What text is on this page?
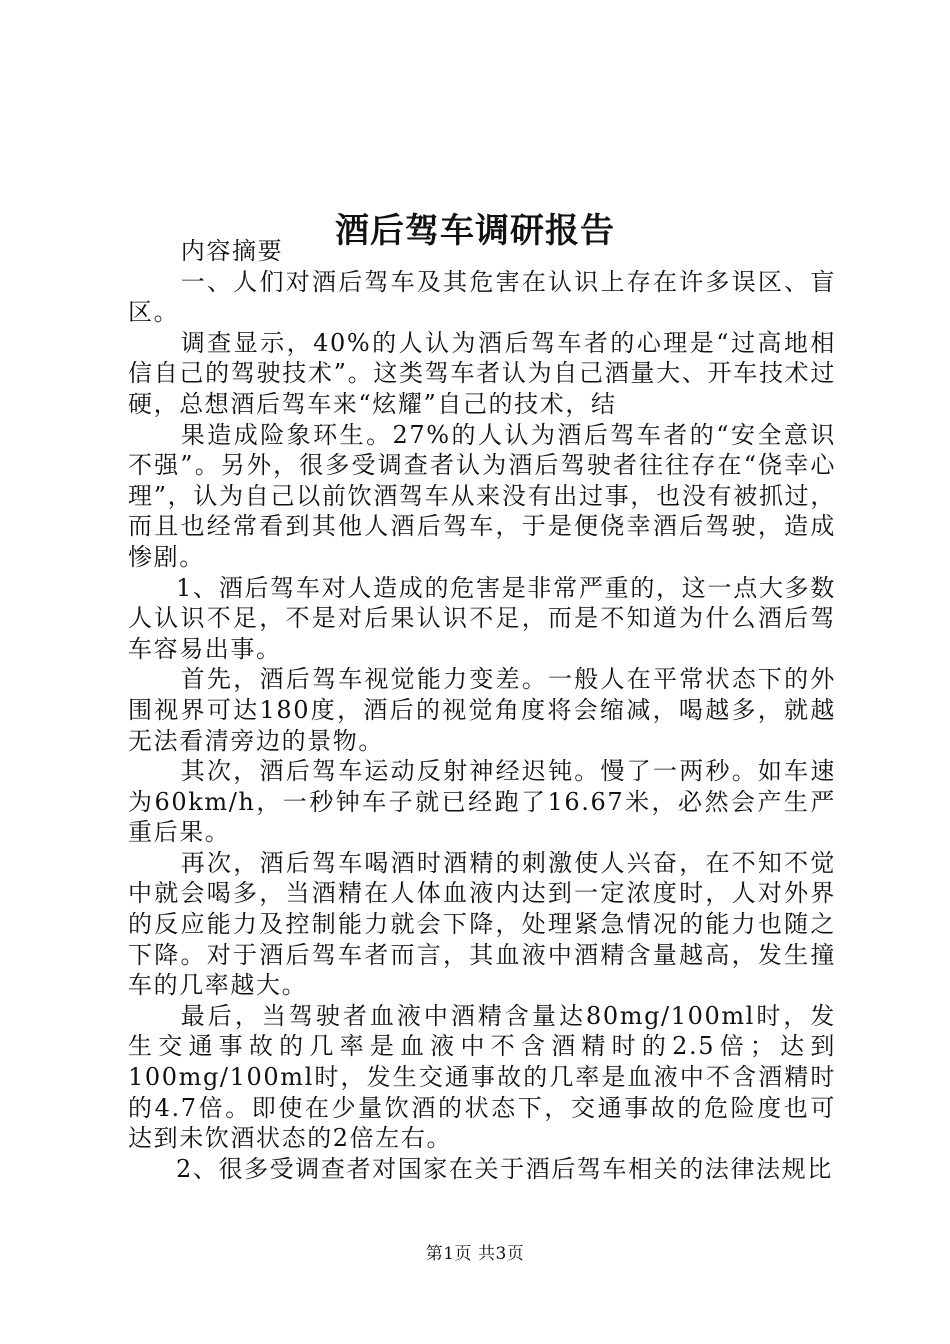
酒后驾车调研报告

内容摘要

一、人们对酒后驾车及其危害在认识上存在许多误区、盲区。

调查显示，40%的人认为酒后驾车者的心理是“过高地相信自己的驾驶技术”。这类驾车者认为自己酒量大、开车技术过硬，总想酒后驾车来“炫耀”自己的技术，结

果造成险象环生。27%的人认为酒后驾车者的“安全意识不强”。另外，很多受调查者认为酒后驾驶者往往存在“侥幸心理”，认为自己以前饮酒驾车从来没有出过事，也没有被抓过，而且也经常看到其他人酒后驾车，于是便侥幸酒后驾驶，造成惨剧。

1、酒后驾车对人造成的危害是非常严重的，这一点大多数人认识不足，不是对后果认识不足，而是不知道为什么酒后驾车容易出事。

首先，酒后驾车视觉能力变差。一般人在平常状态下的外围视界可达180度，酒后的视觉角度将会缩减，喝越多，就越无法看清旁边的景物。

其次，酒后驾车运动反射神经迟钝。慢了一两秒。如车速为60km/h，一秒钟车子就已经跑了16.67米，必然会产生严重后果。

再次，酒后驾车喝酒时酒精的刺激使人兴奋，在不知不觉中就会喝多，当酒精在人体血液内达到一定浓度时，人对外界的反应能力及控制能力就会下降，处理紧急情况的能力也随之下降。对于酒后驾车者而言，其血液中酒精含量越高，发生撞车的几率越大。

最后，当驾驶者血液中酒精含量达80mg/100ml时，发生交通事故的几率是血液中不含酒精时的2.5倍；达到100mg/100ml时，发生交通事故的几率是血液中不含酒精时的4.7倍。即使在少量饮酒的状态下，交通事故的危险度也可达到未饮酒状态的2倍左右。

2、很多受调查者对国家在关于酒后驾车相关的法律法规比

第1页 共3页
